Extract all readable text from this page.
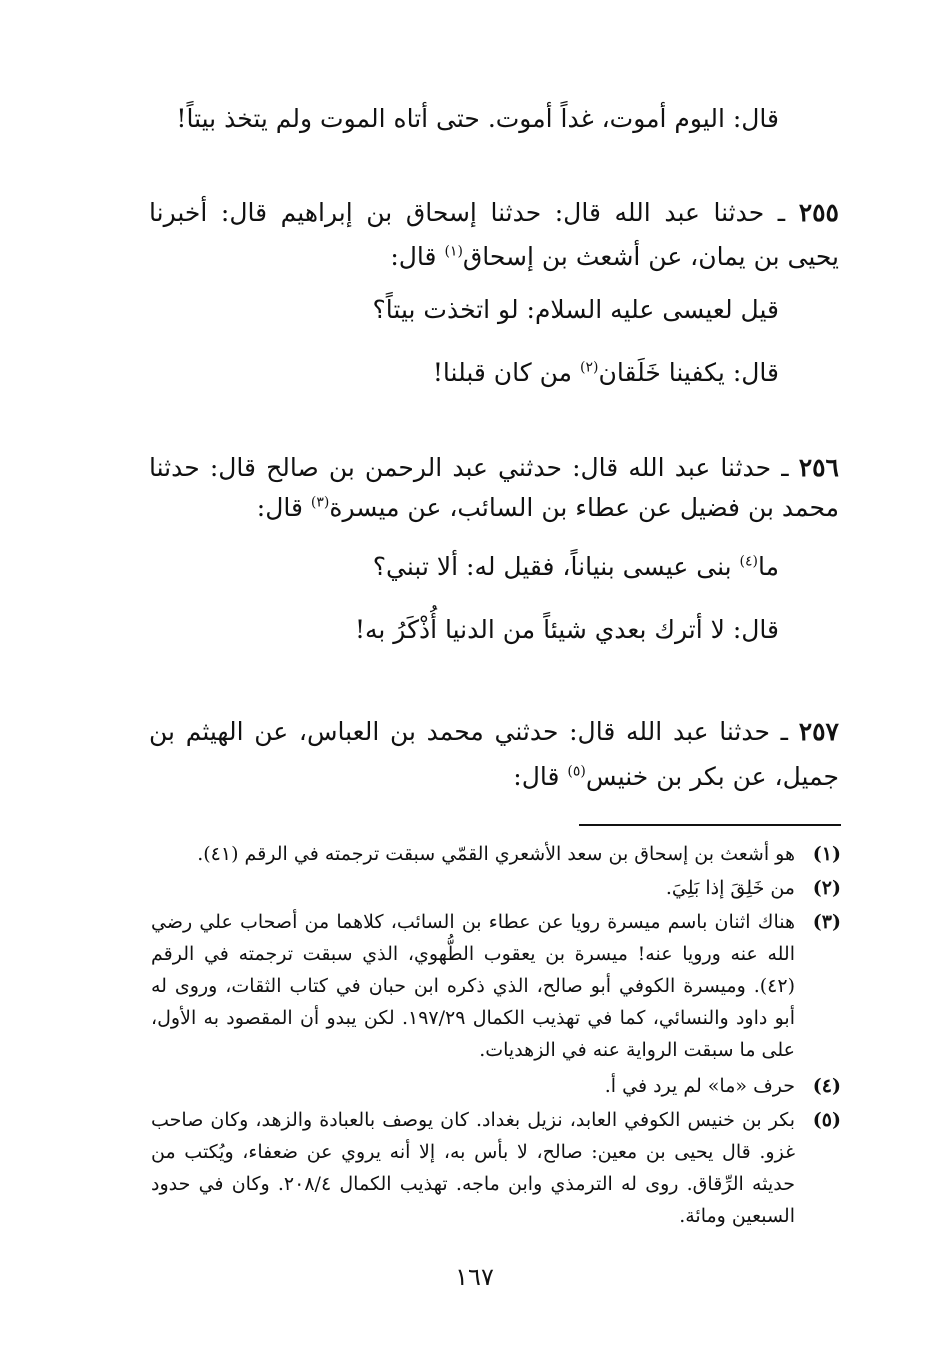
قال: اليوم أموت، غداً أموت. حتى أتاه الموت ولم يتخذ بيتاً!
٢٥٥ ـ حدثنا عبد الله قال: حدثنا إسحاق بن إبراهيم قال: أخبرنا
يحيى بن يمان، عن أشعث بن إسحاق$^{(١)}$ قال:
قيل لعيسى عليه السلام: لو اتخذت بيتاً؟
قال: يكفينا خَلَقان$^{(٢)}$ من كان قبلنا!
٢٥٦ ـ حدثنا عبد الله قال: حدثني عبد الرحمن بن صالح قال: حدثنا
محمد بن فضيل عن عطاء بن السائب، عن ميسرة$^{(٣)}$ قال:
ما$^{(٤)}$ بنى عيسى بنياناً، فقيل له: ألا تبني؟
قال: لا أترك بعدي شيئاً من الدنيا أُذْكَرُ به!
٢٥٧ ـ حدثنا عبد الله قال: حدثني محمد بن العباس، عن الهيثم بن
جميل، عن بكر بن خنيس$^{(٥)}$ قال:
(١)
هو أشعث بن إسحاق بن سعد الأشعري القمّي سبقت ترجمته في الرقم (٤١).
(٢)
من خَلِقَ إذا بَلِيَ.
(٣)
هناك اثنان باسم ميسرة رويا عن عطاء بن السائب، كلاهما من أصحاب علي رضي الله عنه ورويا عنه! ميسرة بن يعقوب الطُّهوي، الذي سبقت ترجمته في الرقم (٤٢). وميسرة الكوفي أبو صالح، الذي ذكره ابن حبان في كتاب الثقات، وروى له أبو داود والنسائي، كما في تهذيب الكمال ١٩٧/٢٩. لكن يبدو أن المقصود به الأول، على ما سبقت الرواية عنه في الزهديات.
(٤)
حرف «ما» لم يرد في أ.
(٥)
بكر بن خنيس الكوفي العابد، نزيل بغداد. كان يوصف بالعبادة والزهد، وكان صاحب غزو. قال يحيى بن معين: صالح، لا بأس به، إلا أنه يروي عن ضعفاء، ويُكتب من حديثه الرِّقاق. روى له الترمذي وابن ماجه. تهذيب الكمال ٢٠٨/٤. وكان في حدود السبعين ومائة.
١٦٧
